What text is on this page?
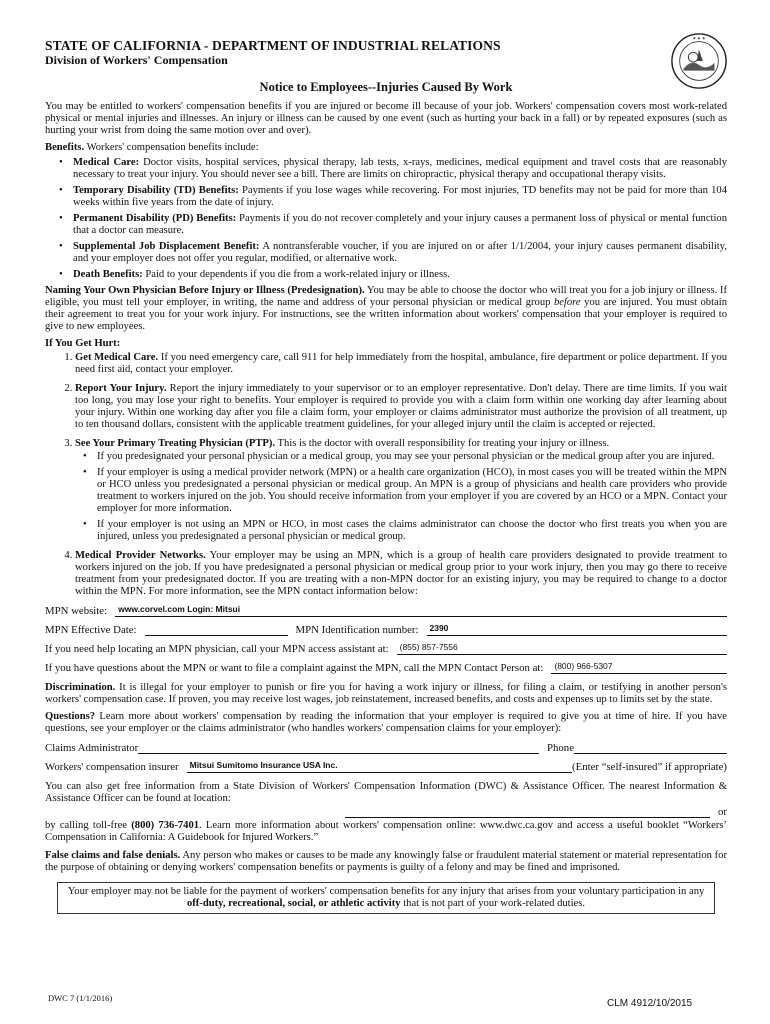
★ ★ ★
STATE OF CALIFORNIA - DEPARTMENT OF INDUSTRIAL RELATIONS
Division of Workers' Compensation
Notice to Employees--Injuries Caused By Work

You may be entitled to workers' compensation benefits if you are injured or become ill because of your job. Workers' compensation covers most work-related physical or mental injuries and illnesses. An injury or illness can be caused by one event (such as hurting your back in a fall) or by repeated exposures (such as hurting your wrist from doing the same motion over and over).

Benefits. Workers' compensation benefits include:
• Medical Care: Doctor visits, hospital services, physical therapy, lab tests, x-rays, medicines, medical equipment and travel costs that are reasonably necessary to treat your injury. You should never see a bill. There are limits on chiropractic, physical therapy and occupational therapy visits.
• Temporary Disability (TD) Benefits: Payments if you lose wages while recovering. For most injuries, TD benefits may not be paid for more than 104 weeks within five years from the date of injury.
• Permanent Disability (PD) Benefits: Payments if you do not recover completely and your injury causes a permanent loss of physical or mental function that a doctor can measure.
• Supplemental Job Displacement Benefit: A nontransferable voucher, if you are injured on or after 1/1/2004, your injury causes permanent disability, and your employer does not offer you regular, modified, or alternative work.
• Death Benefits: Paid to your dependents if you die from a work-related injury or illness.

Naming Your Own Physician Before Injury or Illness (Predesignation). You may be able to choose the doctor who will treat you for a job injury or illness. If eligible, you must tell your employer, in writing, the name and address of your personal physician or medical group before you are injured. You must obtain their agreement to treat you for your work injury. For instructions, see the written information about workers' compensation that your employer is required to give to new employees.

If You Get Hurt:
1. Get Medical Care. If you need emergency care, call 911 for help immediately from the hospital, ambulance, fire department or police department. If you need first aid, contact your employer.
2. Report Your Injury. Report the injury immediately to your supervisor or to an employer representative. Don't delay. There are time limits. If you wait too long, you may lose your right to benefits. Your employer is required to provide you with a claim form within one working day after learning about your injury. Within one working day after you file a claim form, your employer or claims administrator must authorize the provision of all treatment, up to ten thousand dollars, consistent with the applicable treatment guidelines, for your alleged injury until the claim is accepted or rejected.
3. See Your Primary Treating Physician (PTP). This is the doctor with overall responsibility for treating your injury or illness.
• If you predesignated your personal physician or a medical group, you may see your personal physician or the medical group after you are injured.
• If your employer is using a medical provider network (MPN) or a health care organization (HCO), in most cases you will be treated within the MPN or HCO unless you predesignated a personal physician or medical group. An MPN is a group of physicians and health care providers who provide treatment to workers injured on the job. You should receive information from your employer if you are covered by an HCO or a MPN. Contact your employer for more information.
• If your employer is not using an MPN or HCO, in most cases the claims administrator can choose the doctor who first treats you when you are injured, unless you predesignated a personal physician or medical group.
4. Medical Provider Networks. Your employer may be using an MPN, which is a group of health care providers designated to provide treatment to workers injured on the job. If you have predesignated a personal physician or medical group prior to your work injury, then you may go there to receive treatment from your predesignated doctor. If you are treating with a non-MPN doctor for an existing injury, you may be required to change to a doctor within the MPN. For more information, see the MPN contact information below:
MPN website:	www.corvel.com Login: Mitsui
MPN Effective Date:	MPN Identification number:	2390
If you need help locating an MPN physician, call your MPN access assistant at:	(855) 857-7556
If you have questions about the MPN or want to file a complaint against the MPN, call the MPN Contact Person at:	(800) 966-5307

Discrimination. It is illegal for your employer to punish or fire you for having a work injury or illness, for filing a claim, or testifying in another person's workers' compensation case. If proven, you may receive lost wages, job reinstatement, increased benefits, and costs and expenses up to limits set by the state.

Questions? Learn more about workers' compensation by reading the information that your employer is required to give you at time of hire. If you have questions, see your employer or the claims administrator (who handles workers' compensation claims for your employer):

Claims Administrator	Phone
Workers' compensation insurer	Mitsui Sumitomo Insurance USA Inc.	(Enter “self-insured” if appropriate)

You can also get free information from a State Division of Workers' Compensation Information (DWC) & Assistance Officer. The nearest Information & Assistance Officer can be found at location:

or

by calling toll-free (800) 736-7401. Learn more information about workers' compensation online: www.dwc.ca.gov and access a useful booklet “Workers’ Compensation in California: A Guidebook for Injured Workers.”

False claims and false denials. Any person who makes or causes to be made any knowingly false or fraudulent material statement or material representation for the purpose of obtaining or denying workers' compensation benefits or payments is guilty of a felony and may be fined and imprisoned.

Your employer may not be liable for the payment of workers' compensation benefits for any injury that arises from your voluntary participation in any off-duty, recreational, social, or athletic activity that is not part of your work-related duties.
DWC 7 (1/1/2016)	CLM 4912/10/2015
